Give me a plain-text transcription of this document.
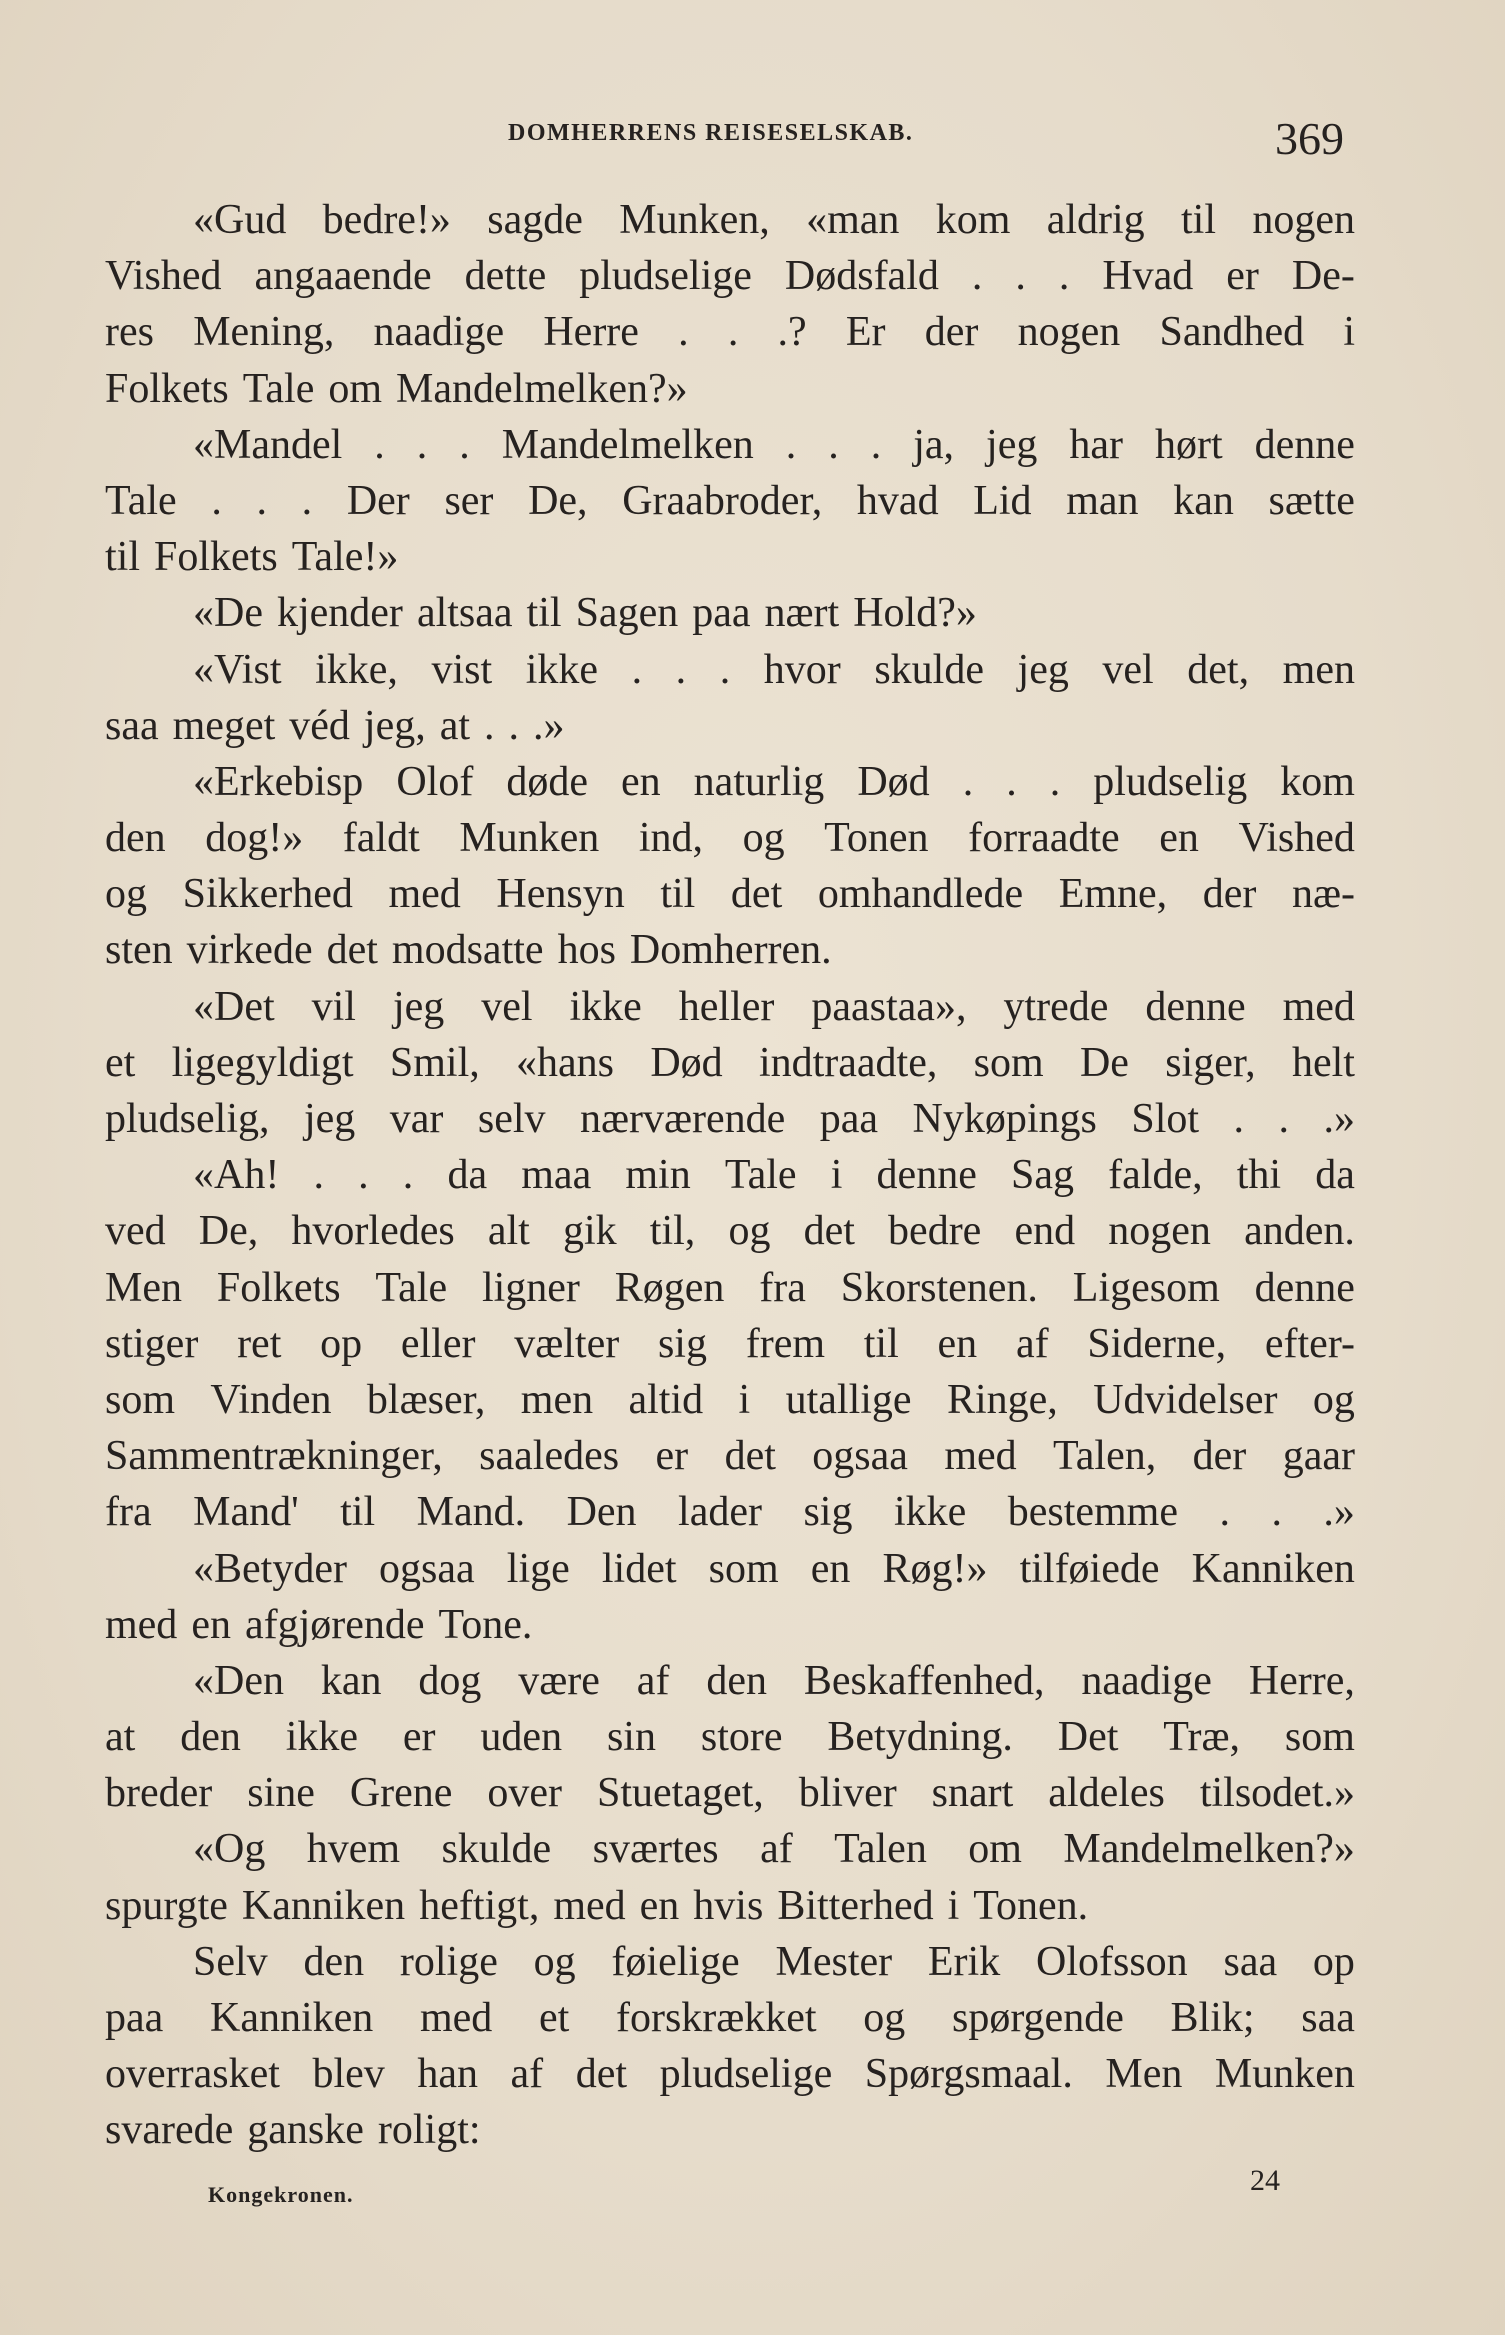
DOMHERRENS REISESELSKAB.	369
«Gud bedre!» sagde Munken, «man kom aldrig til nogen
Vished angaaende dette pludselige Dødsfald . . . Hvad er De-
res Mening, naadige Herre . . .? Er der nogen Sandhed i
Folkets Tale om Mandelmelken?»
«Mandel . . . Mandelmelken . . . ja, jeg har hørt denne
Tale . . . Der ser De, Graabroder, hvad Lid man kan sætte
til Folkets Tale!»
«De kjender altsaa til Sagen paa nært Hold?»
«Vist ikke, vist ikke . . . hvor skulde jeg vel det, men
saa meget véd jeg, at . . .»
«Erkebisp Olof døde en naturlig Død . . . pludselig kom
den dog!» faldt Munken ind, og Tonen forraadte en Vished
og Sikkerhed med Hensyn til det omhandlede Emne, der næ-
sten virkede det modsatte hos Domherren.
«Det vil jeg vel ikke heller paastaa», ytrede denne med
et ligegyldigt Smil, «hans Død indtraadte, som De siger, helt
pludselig, jeg var selv nærværende paa Nykøpings Slot . . .»
«Ah! . . . da maa min Tale i denne Sag falde, thi da
ved De, hvorledes alt gik til, og det bedre end nogen anden.
Men Folkets Tale ligner Røgen fra Skorstenen. Ligesom denne
stiger ret op eller vælter sig frem til en af Siderne, efter-
som Vinden blæser, men altid i utallige Ringe, Udvidelser og
Sammentrækninger, saaledes er det ogsaa med Talen, der gaar
fra Mand' til Mand. Den lader sig ikke bestemme . . .»
«Betyder ogsaa lige lidet som en Røg!» tilføiede Kanniken
med en afgjørende Tone.
«Den kan dog være af den Beskaffenhed, naadige Herre,
at den ikke er uden sin store Betydning. Det Træ, som
breder sine Grene over Stuetaget, bliver snart aldeles tilsodet.»
«Og hvem skulde sværtes af Talen om Mandelmelken?»
spurgte Kanniken heftigt, med en hvis Bitterhed i Tonen.
Selv den rolige og føielige Mester Erik Olofsson saa op
paa Kanniken med et forskrækket og spørgende Blik; saa
overrasket blev han af det pludselige Spørgsmaal. Men Munken
svarede ganske roligt:
Kongekronen.	24
